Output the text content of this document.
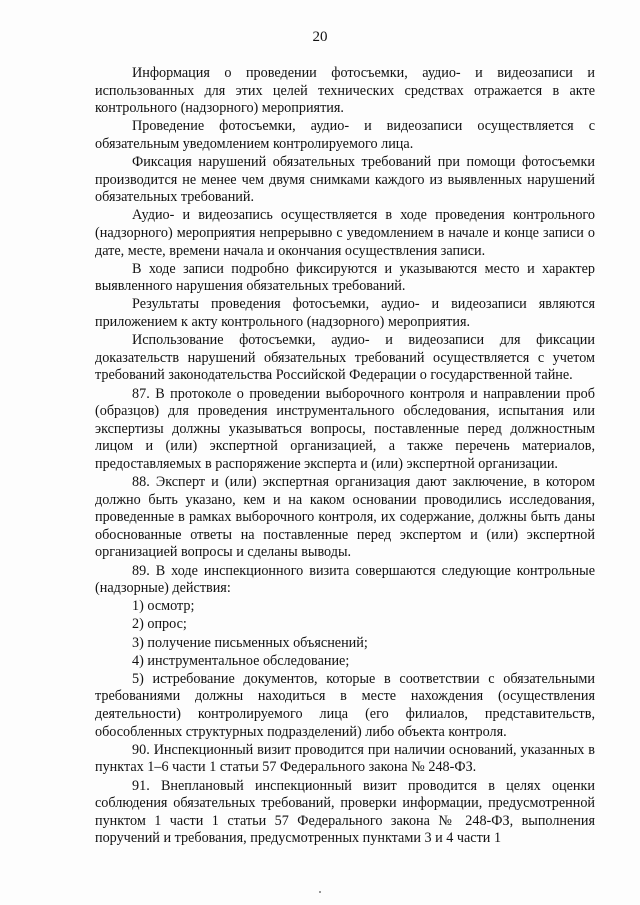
20

Информация о проведении фотосъемки, аудио- и видеозаписи и использованных для этих целей технических средствах отражается в акте контрольного (надзорного) мероприятия.

Проведение фотосъемки, аудио- и видеозаписи осуществляется с обязательным уведомлением контролируемого лица.

Фиксация нарушений обязательных требований при помощи фотосъемки производится не менее чем двумя снимками каждого из выявленных нарушений обязательных требований.

Аудио- и видеозапись осуществляется в ходе проведения контрольного (надзорного) мероприятия непрерывно с уведомлением в начале и конце записи о дате, месте, времени начала и окончания осуществления записи.

В ходе записи подробно фиксируются и указываются место и характер выявленного нарушения обязательных требований.

Результаты проведения фотосъемки, аудио- и видеозаписи являются приложением к акту контрольного (надзорного) мероприятия.

Использование фотосъемки, аудио- и видеозаписи для фиксации доказательств нарушений обязательных требований осуществляется с учетом требований законодательства Российской Федерации о государственной тайне.

87. В протоколе о проведении выборочного контроля и направлении проб (образцов) для проведения инструментального обследования, испытания или экспертизы должны указываться вопросы, поставленные перед должностным лицом и (или) экспертной организацией, а также перечень материалов, предоставляемых в распоряжение эксперта и (или) экспертной организации.

88. Эксперт и (или) экспертная организация дают заключение, в котором должно быть указано, кем и на каком основании проводились исследования, проведенные в рамках выборочного контроля, их содержание, должны быть даны обоснованные ответы на поставленные перед экспертом и (или) экспертной организацией вопросы и сделаны выводы.

89. В ходе инспекционного визита совершаются следующие контрольные (надзорные) действия:

1) осмотр;

2) опрос;

3) получение письменных объяснений;

4) инструментальное обследование;

5) истребование документов, которые в соответствии с обязательными требованиями должны находиться в месте нахождения (осуществления деятельности) контролируемого лица (его филиалов, представительств, обособленных структурных подразделений) либо объекта контроля.

90. Инспекционный визит проводится при наличии оснований, указанных в пунктах 1–6 части 1 статьи 57 Федерального закона № 248-ФЗ.

91. Внеплановый инспекционный визит проводится в целях оценки соблюдения обязательных требований, проверки информации, предусмотренной пунктом 1 части 1 статьи 57 Федерального закона № 248-ФЗ, выполнения поручений и требования, предусмотренных пунктами 3 и 4 части 1
